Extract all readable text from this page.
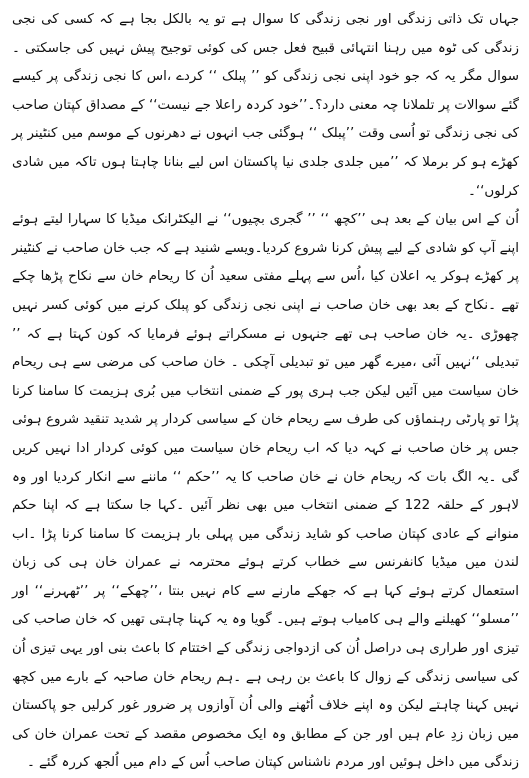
جہاں تک ذاتی زندگی اور نجی زندگی کا سوال ہے تو یہ بالکل بجا ہے کہ کسی کی نجی زندگی کی ٹوہ میں رہنا انتہائی قبیح فعل جس کی کوئی توجیح پیش نہیں کی جاسکتی ۔سوال مگر یہ کہ جو خود اپنی نجی زندگی کو ’’ پبلک ‘‘ کردے ،اس کا نجی زندگی پر کیسے گئے سوالات پر تلملانا چہ معنی دارد؟۔’’خود کردہ راعلا جے نیست‘‘ کے مصداق کپتان صاحب کی نجی زندگی تو اُسی وقت ’’پبلک ‘‘ ہوگئی جب انہوں نے دھرنوں کے موسم میں کنٹینر پر کھڑے ہو کر برملا کہ ’’میں جلدی جلدی نیا پاکستان اس لیے بنانا چاہتا ہوں تاکہ میں شادی کرلوں‘‘۔

اُن کے اس بیان کے بعد ہی ’’کچھ ‘‘ ’’ گجری بچیوں‘‘ نے الیکٹرانک میڈیا کا سہارا لیتے ہوئے اپنے آپ کو شادی کے لیے پیش کرنا شروع کردیا۔ویسے شنید ہے کہ جب خان صاحب نے کنٹینر پر کھڑے ہوکر یہ اعلان کیا ،اُس سے پہلے مفتی سعید اُن کا ریحام خان سے نکاح پڑھا چکے تھے ۔نکاح کے بعد بھی خان صاحب نے اپنی نجی زندگی کو پبلک کرنے میں کوئی کسر نہیں چھوڑی ۔یہ خان صاحب ہی تھے جنہوں نے مسکراتے ہوئے فرمایا کہ کون کہتا ہے کہ ’’ تبدیلی ‘‘نہیں آئی ،میرے گھر میں تو تبدیلی آچکی ۔ خان صاحب کی مرضی سے ہی ریحام خان سیاست میں آئیں لیکن جب ہری پور کے ضمنی انتخاب میں بُری ہزیمت کا سامنا کرنا پڑا تو پارٹی رہنماؤں کی طرف سے ریحام خان کے سیاسی کردار پر شدید تنقید شروع ہوئی جس پر خان صاحب نے کہہ دیا کہ اب ریحام خان سیاست میں کوئی کردار ادا نہیں کریں گی ۔یہ الگ بات کہ ریحام خان نے خان صاحب کا یہ ’’حکم ‘‘ ماننے سے انکار کردیا اور وہ لاہور کے حلقہ 122 کے ضمنی انتخاب میں بھی نظر آئیں ۔کہا جا سکتا ہے کہ اپنا حکم منوانے کے عادی کپتان صاحب کو شاید زندگی میں پہلی بار ہزیمت کا سامنا کرنا پڑا ۔اب لندن میں میڈیا کانفرنس سے خطاب کرتے ہوئے محترمہ نے عمران خان ہی کی زبان استعمال کرتے ہوئے کہا ہے کہ جھکے مارنے سے کام نہیں بنتا ،’’چھکے‘‘ پر ’’ٹھہرنے‘‘ اور ’’مسلو‘‘ کھیلنے والے ہی کامیاب ہوتے ہیں۔ گویا وہ یہ کہنا چاہتی تھیں کہ خان صاحب کی تیزی اور طراری ہی دراصل اُن کی ازدواجی زندگی کے اختتام کا باعث بنی اور یہی تیزی اُن کی سیاسی زندگی کے زوال کا باعث بن رہی ہے ۔ہم ریحام خان صاحبہ کے بارے میں کچھ نہیں کہنا چاہتے لیکن وہ اپنے خلاف اُٹھنے والی اُن آوازوں پر ضرور غور کرلیں جو پاکستان میں زبان زدِ عام ہیں اور جن کے مطابق وہ ایک مخصوص مقصد کے تحت عمران خان کی زندگی میں داخل ہوئیں اور مردم ناشناس کپتان صاحب اُس کے دام میں اُلجھ کررہ گئے ۔
